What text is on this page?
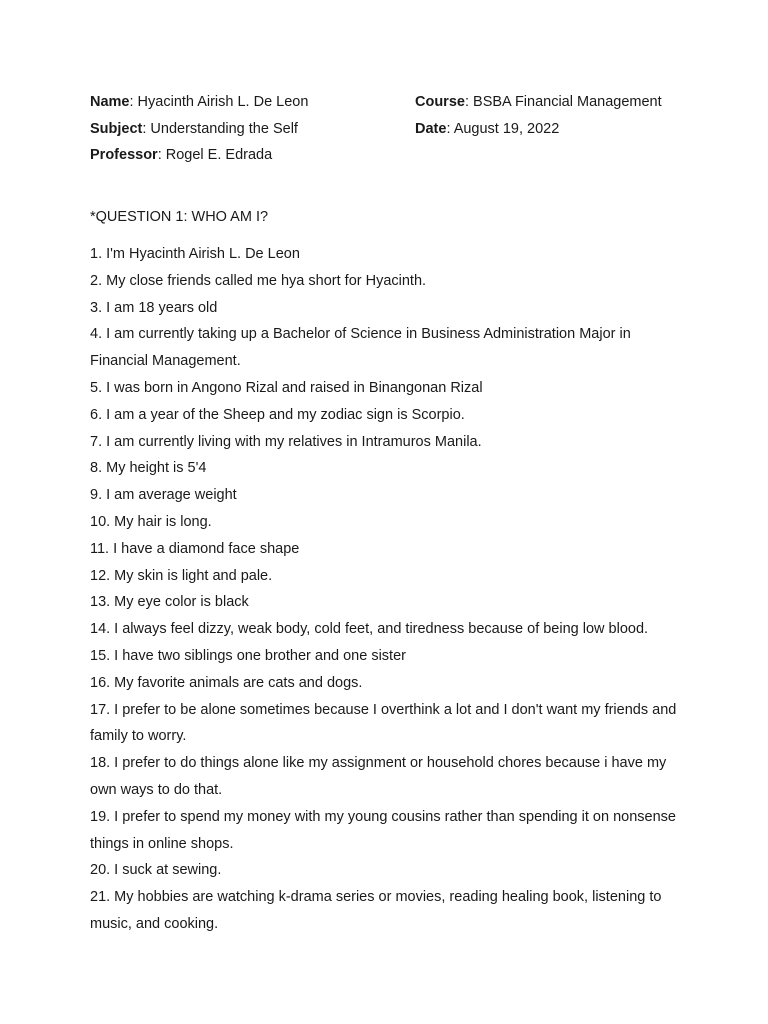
Name: Hyacinth Airish L. De Leon	Course: BSBA Financial Management
Subject: Understanding the Self	Date: August 19, 2022
Professor: Rogel E. Edrada
*QUESTION 1: WHO AM I?
1. I'm Hyacinth Airish L. De Leon
2. My close friends called me hya short for Hyacinth.
3. I am 18 years old
4. I am currently taking up a Bachelor of Science in Business Administration Major in Financial Management.
5. I was born in Angono Rizal and raised in Binangonan Rizal
6. I am a year of the Sheep and my zodiac sign is Scorpio.
7. I am currently living with my relatives in Intramuros Manila.
8. My height is 5'4
9. I am average weight
10. My hair is long.
11. I have a diamond face shape
12. My skin is light and pale.
13. My eye color is black
14. I always feel dizzy, weak body, cold feet, and tiredness because of being low blood.
15. I have two siblings one brother and one sister
16. My favorite animals are cats and dogs.
17. I prefer to be alone sometimes because I overthink a lot and I don't want my friends and family to worry.
18. I prefer to do things alone like my assignment or household chores because i have my own ways to do that.
19. I prefer to spend my money with my young cousins rather than spending it on nonsense things in online shops.
20. I suck at sewing.
21. My hobbies are watching k-drama series or movies, reading healing book, listening to music, and cooking.
